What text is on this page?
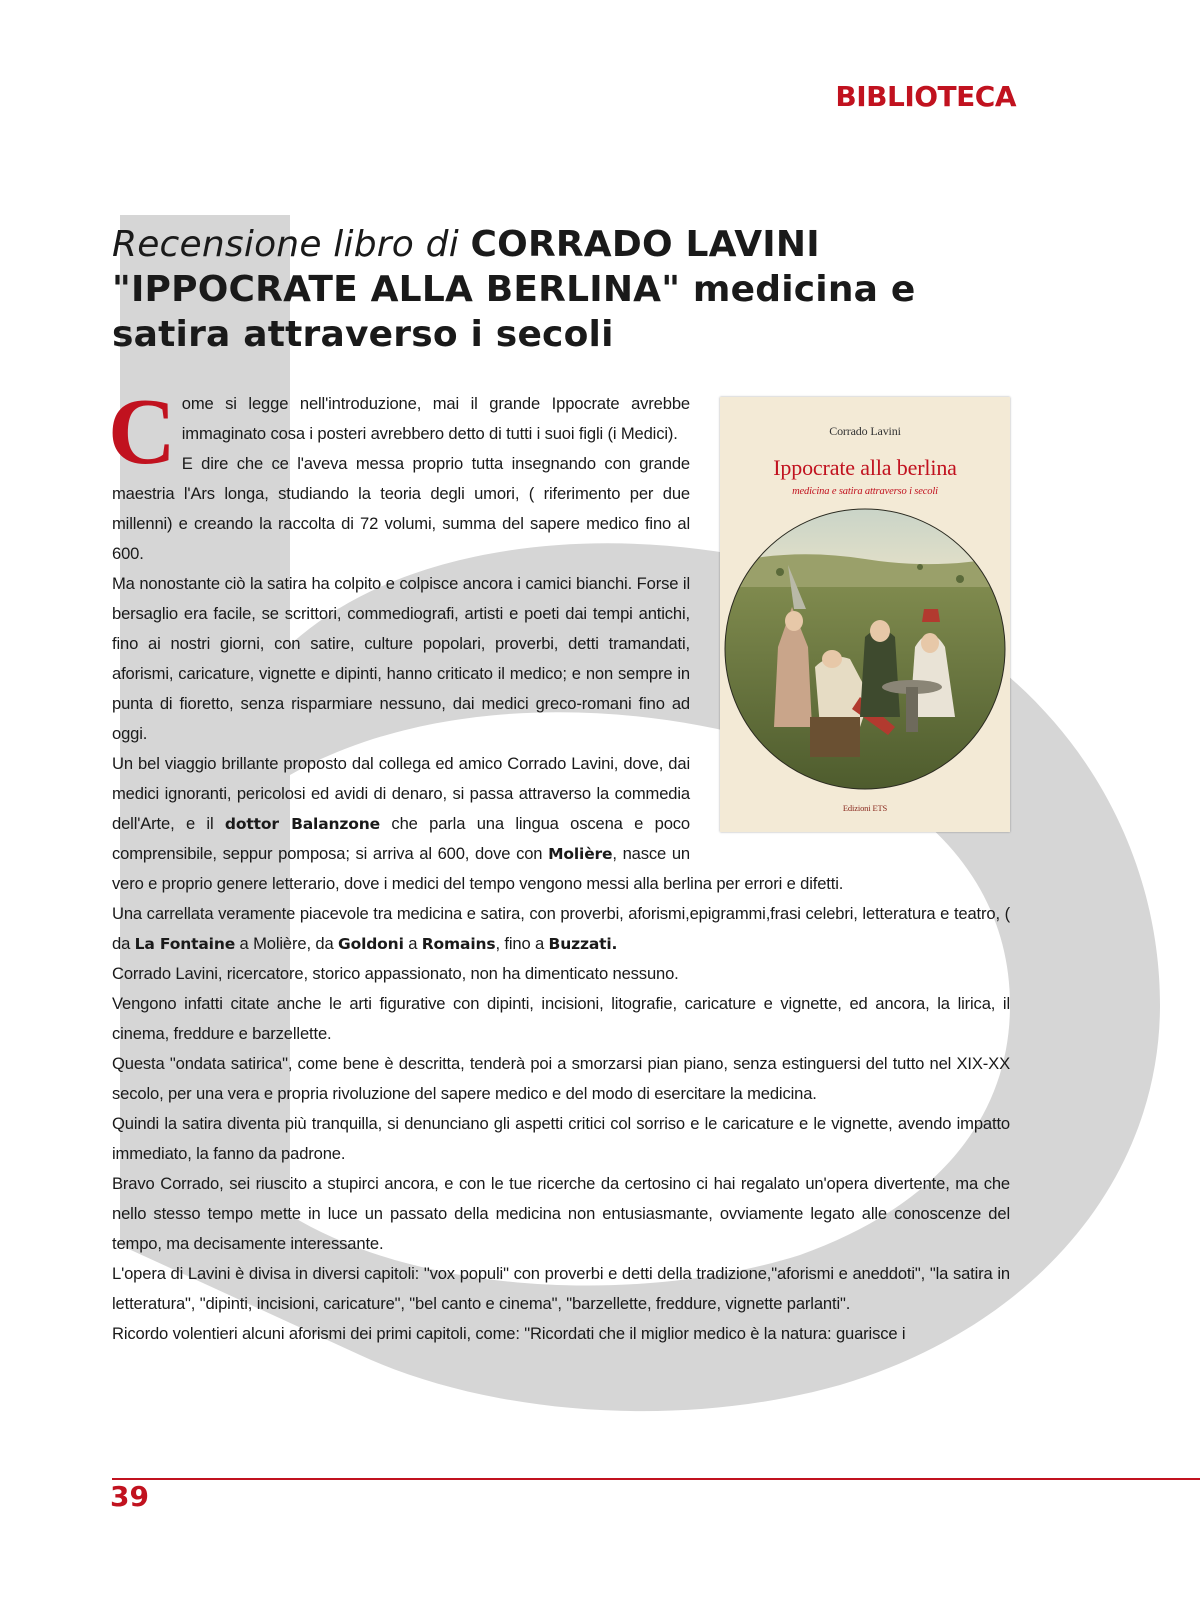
BIBLIOTECA
Recensione libro di CORRADO LAVINI
"IPPOCRATE ALLA BERLINA" medicina e satira attraverso i secoli
Corrado Lavini
Ippocrate alla berlina
medicina e satira attraverso i secoli
Edizioni ETS

Come si legge nell'introduzione, mai il grande Ippocrate avrebbe immaginato cosa i posteri avrebbero detto di tutti i suoi figli (i Medici).

E dire che ce l'aveva messa proprio tutta insegnando con grande maestria l'Ars longa, studiando la teoria degli umori, ( riferimento per due millenni) e creando la raccolta di 72 volumi, summa del sapere medico fino al 600.

Ma nonostante ciò la satira ha colpito e colpisce ancora i camici bianchi. Forse il bersaglio era facile, se scrittori, commediografi, artisti e poeti dai tempi antichi, fino ai nostri giorni, con satire, culture popolari, proverbi, detti tramandati, aforismi, caricature, vignette e dipinti, hanno criticato il medico; e non sempre in punta di fioretto, senza risparmiare nessuno, dai medici greco-romani fino ad oggi.

Un bel viaggio brillante proposto dal collega ed amico Corrado Lavini, dove, dai medici ignoranti, pericolosi ed avidi di denaro, si passa attraverso la commedia dell'Arte, e il dottor Balanzone che parla una lingua oscena e poco comprensibile, seppur pomposa; si arriva al 600, dove con Molière, nasce un vero e proprio genere letterario, dove i medici del tempo vengono messi alla berlina per errori e difetti.

Una carrellata veramente piacevole tra medicina e satira, con proverbi, aforismi,epigrammi,frasi celebri, letteratura e teatro, ( da La Fontaine a Molière, da Goldoni a Romains, fino a Buzzati.

Corrado Lavini, ricercatore, storico appassionato, non ha dimenticato nessuno.

Vengono infatti citate anche le arti figurative con dipinti, incisioni, litografie, caricature e vignette, ed ancora, la lirica, il cinema, freddure e barzellette.

Questa "ondata satirica", come bene è descritta, tenderà poi a smorzarsi pian piano, senza estinguersi del tutto nel XIX-XX secolo, per una vera e propria rivoluzione del sapere medico e del modo di esercitare la medicina.

Quindi la satira diventa più tranquilla, si denunciano gli aspetti critici col sorriso e le caricature e le vignette, avendo impatto immediato, la fanno da padrone.

Bravo Corrado, sei riuscito a stupirci ancora, e con le tue ricerche da certosino ci hai regalato un'opera divertente, ma che nello stesso tempo mette in luce un passato della medicina non entusiasmante, ovviamente legato alle conoscenze del tempo, ma decisamente interessante.

L'opera di Lavini è divisa in diversi capitoli: "vox populi" con proverbi e detti della tradizione,"aforismi e aneddoti", "la satira in letteratura", "dipinti, incisioni, caricature", "bel canto e cinema", "barzellette, freddure, vignette parlanti".

Ricordo volentieri alcuni aforismi dei primi capitoli, come: "Ricordati che il miglior medico è la natura: guarisce i

39
